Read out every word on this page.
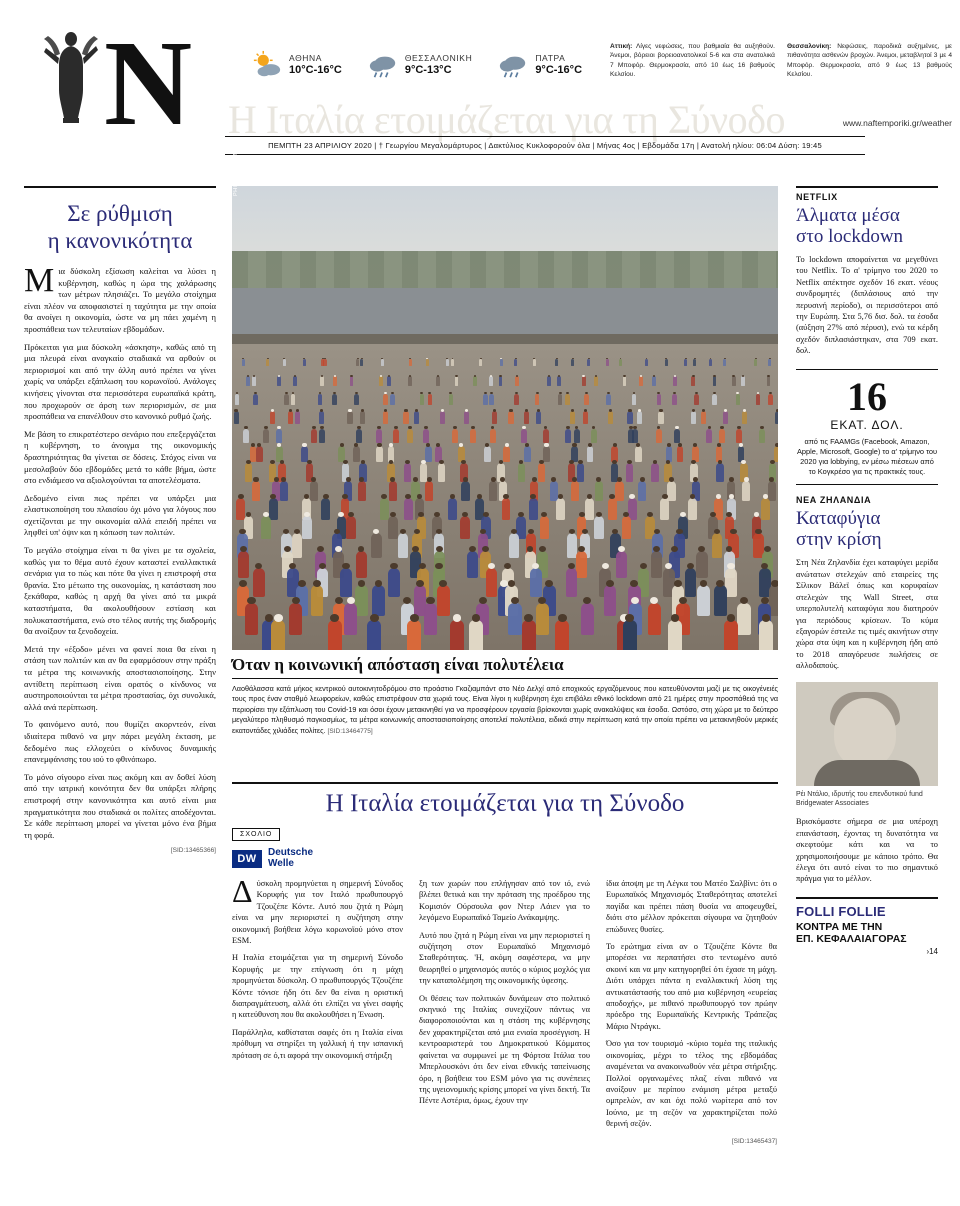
N	ΑΘΗΝΑ
10°C-16°C
ΘΕΣΣΑΛΟΝΙΚΗ
9°C-13°C
ΠΑΤΡΑ
9°C-16°C
Αττική: Λίγες νεφώσεις, που βαθμιαία θα αυξηθούν. Άνεμοι, βόρειοι βορειοανατολικοί 5-6 και στα ανατολικά 7 Μποφόρ. Θερμοκρασία, από 10 έως 16 βαθμούς Κελσίου.
Θεσσαλονίκη: Νεφώσεις, παροδικά αυξημένες, με πιθανότητα ασθενών βροχών. Άνεμοι, μεταβλητοί 3 με 4 Μποφόρ. Θερμοκρασία, από 9 έως 13 βαθμούς Κελσίου.
Η Ιταλία ετοιμάζεται για τη Σύνοδο	www.naftemporiki.gr/weather
ΠΕΜΠΤΗ 23 ΑΠΡΙΛΙΟΥ 2020 | † Γεωργίου Μεγαλομάρτυρος | Δακτύλιος Κυκλοφορούν όλα | Μήνας 4ος | Εβδομάδα 17η | Ανατολή ηλίου: 06:04 Δύση: 19:45
Σε ρύθμιση
η κανονικότητα

Μια δύσκολη εξίσωση καλείται να λύσει η κυβέρνηση, καθώς η ώρα της χαλάρωσης των μέτρων πλησιάζει. Το μεγάλο στοίχημα είναι πλέον να αποφασιστεί η ταχύτητα με την οποία θα ανοίγει η οικονομία, ώστε να μη πάει χαμένη η προσπάθεια των τελευταίων εβδομάδων.

Πρόκειται για μια δύσκολη «άσκηση», καθώς από τη μια πλευρά είναι αναγκαίο σταδιακά να αρθούν οι περιορισμοί και από την άλλη αυτό πρέπει να γίνει χωρίς να υπάρξει εξάπλωση του κορωνοϊού. Ανάλογες κινήσεις γίνονται στα περισσότερα ευρωπαϊκά κράτη, που προχωρούν σε άρση των περιορισμών, σε μια προσπάθεια να επανέλθουν στο κανονικό ρυθμό ζωής.

Με βάση το επικρατέστερο σενάριο που επεξεργάζεται η κυβέρνηση, το άνοιγμα της οικονομικής δραστηριότητας θα γίνεται σε δόσεις. Στόχος είναι να μεσολαβούν δύο εβδομάδες μετά το κάθε βήμα, ώστε στο ενδιάμεσο να αξιολογούνται τα αποτελέσματα.

Δεδομένο είναι πως πρέπει να υπάρξει μια ελαστικοποίηση του πλαισίου όχι μόνο για λόγους που σχετίζονται με την οικονομία αλλά επειδή πρέπει να ληφθεί υπ' όψιν και η κόπωση των πολιτών.

Το μεγάλο στοίχημα είναι τι θα γίνει με τα σχολεία, καθώς για το θέμα αυτό έχουν καταστεί εναλλακτικά σενάρια για το πώς και πότε θα γίνει η επιστροφή στα θρανία. Στο μέτωπο της οικονομίας, η κατάσταση που ξεκάθαρα, καθώς η αρχή θα γίνει από τα μικρά καταστήματα, θα ακολουθήσουν εστίαση και πολυκαταστήματα, ενώ στο τέλος αυτής της διαδρομής θα ανοίξουν τα ξενοδοχεία.

Μετά την «έξοδο» μένει να φανεί ποια θα είναι η στάση των πολιτών και αν θα εφαρμόσουν στην πράξη τα μέτρα της κοινωνικής αποστασιοποίησης. Στην αντίθετη περίπτωση είναι ορατός ο κίνδυνος να αυστηροποιούνται τα μέτρα προστασίας, όχι συνολικά, αλλά ανά περίπτωση.

Το φαινόμενο αυτό, που θυμίζει ακορντεόν, είναι ιδιαίτερα πιθανό να μην πάρει μεγάλη έκταση, με δεδομένο πως ελλοχεύει ο κίνδυνος δυναμικής επανεμφάνισης του ιού το φθινόπωρο.

Το μόνο σίγουρο είναι πως ακόμη και αν δοθεί λύση από την ιατρική κοινότητα δεν θα υπάρξει πλήρης επιστροφή στην κανονικότητα και αυτό είναι μια πραγματικότητα που σταδιακά οι πολίτες αποδέχονται. Σε κάθε περίπτωση μπορεί να γίνεται μόνο ένα βήμα τη φορά.

[SID:13465366]
PHOTO: ΑΠΕ-ΜΠΕ
Όταν η κοινωνική απόσταση είναι πολυτέλεια
Λαοθάλασσα κατά μήκος κεντρικού αυτοκινητοδρόμου στο προάστιο Γκαζιαμπάντ στο Νέο Δελχί από εποχικούς εργαζόμενους που κατευθύνονται μαζί με τις οικογένειές τους προς έναν σταθμό λεωφορείων, καθώς επιστρέφουν στα χωριά τους. Είναι λίγοι η κυβέρνηση έχει επιβάλει εθνικό lockdown από 21 ημέρες στην προσπάθειά της να περιορίσει την εξάπλωση του Covid-19 και όσοι έχουν μετακινηθεί για να προσφέρουν εργασία βρίσκονται χωρίς ανακαλύψεις και έσοδα. Ωστόσο, στη χώρα με το δεύτερο μεγαλύτερο πληθυσμό παγκοσμίως, τα μέτρα κοινωνικής αποστασιοποίησης αποτελεί πολυτέλεια, ειδικά στην περίπτωση κατά την οποία πρέπει να μετακινηθούν μερικές εκατοντάδες χιλιάδες πολίτες. [SID:13464775]
Η Ιταλία ετοιμάζεται για τη Σύνοδο
ΣΧΟΛΙΟ
DW	Deutsche
Welle

Δύσκολη προμηνύεται η σημερινή Σύνοδος Κορυφής για τον Ιταλό πρωθυπουργό Τζουζέπε Κόντε. Αυτό που ζητά η Ρώμη είναι να μην περιοριστεί η συζήτηση στην οικονομική βοήθεια λόγω κορωνοϊού μόνο στον ESM.

Η Ιταλία ετοιμάζεται για τη σημερινή Σύνοδο Κορυφής με την επίγνωση ότι η μάχη προμηνύεται δύσκολη. Ο πρωθυπουργός Τζουζέπε Κόντε τόνισε ήδη ότι δεν θα είναι η οριστική διαπραγμάτευση, αλλά ότι ελπίζει να γίνει σαφής η κατεύθυνση που θα ακολουθήσει η Ένωση.

Παράλληλα, καθίσταται σαφές ότι η Ιταλία είναι πρόθυμη να στηρίξει τη γαλλική ή την ισπανική πρόταση σε ό,τι αφορά την οικονομική στήριξη

ξη των χωρών που επλήγησαν από τον ιό, ενώ βλέπει θετικά και την πρόταση της προέδρου της Κομισιόν Ούρσουλα φον Ντερ Λάιεν για το λεγόμενο Ευρωπαϊκό Ταμείο Ανάκαμψης.

Αυτό που ζητά η Ρώμη είναι να μην περιοριστεί η συζήτηση στον Ευρωπαϊκό Μηχανισμό Σταθερότητας. 'Η, ακόμη σαφέστερα, να μην θεωρηθεί ο μηχανισμός αυτός ο κύριος μοχλός για την καταπολέμηση της οικονομικής ύφεσης.

Οι θέσεις των πολιτικών δυνάμεων στο πολιτικό σκηνικό της Ιταλίας συνεχίζουν πάντως να διαφοροποιούνται και η στάση της κυβέρνησης δεν χαρακτηρίζεται από μια ενιαία προσέγγιση. Η κεντροαριστερά του Δημοκρατικού Κόμματος φαίνεται να συμφωνεί με τη Φόρτσα Ιτάλια του Μπερλουσκόνι ότι δεν είναι εθνικής ταπείνωσης όρο, η βοήθεια του ESM μόνο για τις συνέπειες της υγειονομικής κρίσης μπορεί να γίνει δεκτή. Τα Πέντε Αστέρια, όμως, έχουν την

ίδια άποψη με τη Λέγκα του Ματέο Σαλβίνι: ότι ο Ευρωπαϊκός Μηχανισμός Σταθερότητας αποτελεί παγίδα και πρέπει πάση θυσία να αποφευχθεί, διότι στο μέλλον πρόκειται σίγουρα να ζητηθούν επώδυνες θυσίες.

Το ερώτημα είναι αν ο Τζουζέπε Κόντε θα μπορέσει να περπατήσει στο τεντωμένο αυτό σκοινί και να μην κατηγορηθεί ότι έχασε τη μάχη. Διότι υπάρχει πάντα η εναλλακτική λύση της αντικατάστασής του από μια κυβέρνηση «ευρείας αποδοχής», με πιθανό πρωθυπουργό τον πρώην πρόεδρο της Ευρωπαϊκής Κεντρικής Τράπεζας Μάριο Ντράγκι.

Όσο για τον τουρισμό -κύριο τομέα της ιταλικής οικονομίας, μέχρι το τέλος της εβδομάδας αναμένεται να ανακοινωθούν νέα μέτρα στήριξης. Πολλοί οργανωμένες πλαζ είναι πιθανό να ανοίξουν με περίπου ενάμιση μέτρα μεταξύ ομπρελών, αν και όχι πολύ νωρίτερα από τον Ιούνιο, με τη σεζόν να χαρακτηρίζεται πολύ θερινή σεζόν.

[SID:13465437]
NETFLIX
Άλματα μέσα
στο lockdown

Το lockdown αποφαίνεται να μεγεθύνει του Netflix. Το α' τρίμηνο του 2020 το Netflix απέκτησε σχεδόν 16 εκατ. νέους συνδρομητές (διπλάσιους από την περυσινή περίοδο), οι περισσότεροι από την Ευρώπη. Στα 5,76 δισ. δολ. τα έσοδα (αύξηση 27% από πέρυσι), ενώ τα κέρδη σχεδόν διπλασιάστηκαν, στα 709 εκατ. δολ.

16
ΕΚΑΤ. ΔΟΛ.
από τις FAAMGs (Facebook, Amazon, Apple, Microsoft, Google) το α' τρίμηνο του 2020 για lobbying, εν μέσω πιέσεων από το Κογκρέσο για τις πρακτικές τους.
ΝΕΑ ΖΗΛΑΝΔΙΑ
Καταφύγια
στην κρίση

Στη Νέα Ζηλανδία έχει καταφύγει μερίδα ανώτατων στελεχών από εταιρείες της Σίλικον Βάλεϊ όπως και κορυφαίων στελεχών της Wall Street, στα υπερπολυτελή καταφύγια που διατηρούν για περιόδους κρίσεων. Το κύμα εξαγορών έστειλε τις τιμές ακινήτων στην χώρα στα ύψη και η κυβέρνηση ήδη από το 2018 απαγόρευσε πωλήσεις σε αλλοδαπούς.

Ρέι Ντάλιο, ιδρυτής του επενδυτικού fund Bridgewater Associates

Βρισκόμαστε σήμερα σε μια υπέροχη επανάσταση, έχοντας τη δυνατότητα να σκεφτούμε κάτι και να το χρησιμοποιήσουμε με κάποιο τρόπο. Θα έλεγα ότι αυτό είναι το πιο σημαντικό πράγμα για το μέλλον.

FOLLI FOLLIE
ΚΟΝΤΡΑ ΜΕ ΤΗΝ
ΕΠ. ΚΕΦΑΛΑΙΑΓΟΡΑΣ
›14
